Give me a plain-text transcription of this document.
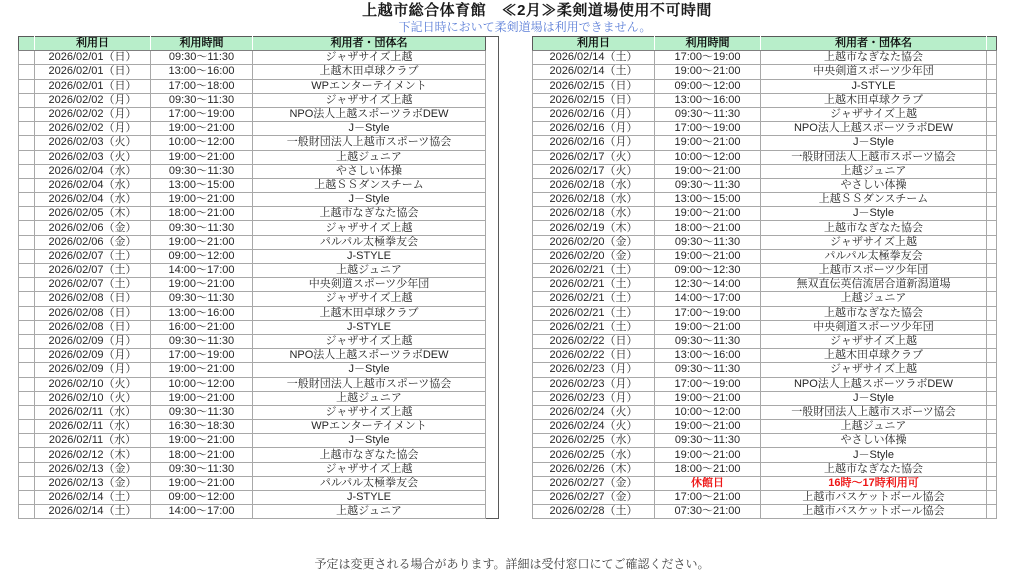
上越市総合体育館　≪2月≫柔剣道場使用不可時間
下記日時において柔剣道場は利用できません。
	利用日	利用時間	利用者・団体名
	2026/02/01（日）	09:30～11:30	ジャザサイズ上越
	2026/02/01（日）	13:00～16:00	上越木田卓球クラブ
	2026/02/01（日）	17:00～18:00	WPエンターテイメント
	2026/02/02（月）	09:30～11:30	ジャザサイズ上越
	2026/02/02（月）	17:00～19:00	NPO法人上越スポーツラボDEW
	2026/02/02（月）	19:00～21:00	J－Style
	2026/02/03（火）	10:00～12:00	一般財団法人上越市スポーツ協会
	2026/02/03（火）	19:00～21:00	上越ジュニア
	2026/02/04（水）	09:30～11:30	やさしい体操
	2026/02/04（水）	13:00～15:00	上越ＳＳダンスチーム
	2026/02/04（水）	19:00～21:00	J－Style
	2026/02/05（木）	18:00～21:00	上越市なぎなた協会
	2026/02/06（金）	09:30～11:30	ジャザサイズ上越
	2026/02/06（金）	19:00～21:00	パルパル太極拳友会
	2026/02/07（土）	09:00～12:00	J-STYLE
	2026/02/07（土）	14:00～17:00	上越ジュニア
	2026/02/07（土）	19:00～21:00	中央剣道スポーツ少年団
	2026/02/08（日）	09:30～11:30	ジャザサイズ上越
	2026/02/08（日）	13:00～16:00	上越木田卓球クラブ
	2026/02/08（日）	16:00～21:00	J-STYLE
	2026/02/09（月）	09:30～11:30	ジャザサイズ上越
	2026/02/09（月）	17:00～19:00	NPO法人上越スポーツラボDEW
	2026/02/09（月）	19:00～21:00	J－Style
	2026/02/10（火）	10:00～12:00	一般財団法人上越市スポーツ協会
	2026/02/10（火）	19:00～21:00	上越ジュニア
	2026/02/11（水）	09:30～11:30	ジャザサイズ上越
	2026/02/11（水）	16:30～18:30	WPエンターテイメント
	2026/02/11（水）	19:00～21:00	J－Style
	2026/02/12（木）	18:00～21:00	上越市なぎなた協会
	2026/02/13（金）	09:30～11:30	ジャザサイズ上越
	2026/02/13（金）	19:00～21:00	パルパル太極拳友会
	2026/02/14（土）	09:00～12:00	J-STYLE
	2026/02/14（土）	14:00～17:00	上越ジュニア
利用日	利用時間	利用者・団体名	
2026/02/14（土）	17:00～19:00	上越市なぎなた協会	
2026/02/14（土）	19:00～21:00	中央剣道スポーツ少年団	
2026/02/15（日）	09:00～12:00	J-STYLE	
2026/02/15（日）	13:00～16:00	上越木田卓球クラブ	
2026/02/16（月）	09:30～11:30	ジャザサイズ上越	
2026/02/16（月）	17:00～19:00	NPO法人上越スポーツラボDEW	
2026/02/16（月）	19:00～21:00	J－Style	
2026/02/17（火）	10:00～12:00	一般財団法人上越市スポーツ協会	
2026/02/17（火）	19:00～21:00	上越ジュニア	
2026/02/18（水）	09:30～11:30	やさしい体操	
2026/02/18（水）	13:00～15:00	上越ＳＳダンスチーム	
2026/02/18（水）	19:00～21:00	J－Style	
2026/02/19（木）	18:00～21:00	上越市なぎなた協会	
2026/02/20（金）	09:30～11:30	ジャザサイズ上越	
2026/02/20（金）	19:00～21:00	パルパル太極拳友会	
2026/02/21（土）	09:00～12:30	上越市スポーツ少年団	
2026/02/21（土）	12:30～14:00	無双直伝英信流居合道新潟道場	
2026/02/21（土）	14:00～17:00	上越ジュニア	
2026/02/21（土）	17:00～19:00	上越市なぎなた協会	
2026/02/21（土）	19:00～21:00	中央剣道スポーツ少年団	
2026/02/22（日）	09:30～11:30	ジャザサイズ上越	
2026/02/22（日）	13:00～16:00	上越木田卓球クラブ	
2026/02/23（月）	09:30～11:30	ジャザサイズ上越	
2026/02/23（月）	17:00～19:00	NPO法人上越スポーツラボDEW	
2026/02/23（月）	19:00～21:00	J－Style	
2026/02/24（火）	10:00～12:00	一般財団法人上越市スポーツ協会	
2026/02/24（火）	19:00～21:00	上越ジュニア	
2026/02/25（水）	09:30～11:30	やさしい体操	
2026/02/25（水）	19:00～21:00	J－Style	
2026/02/26（木）	18:00～21:00	上越市なぎなた協会	
2026/02/27（金）	休館日	16時～17時利用可	
2026/02/27（金）	17:00～21:00	上越市バスケットボール協会	
2026/02/28（土）	07:30～21:00	上越市バスケットボール協会	
予定は変更される場合があります。詳細は受付窓口にてご確認ください。
